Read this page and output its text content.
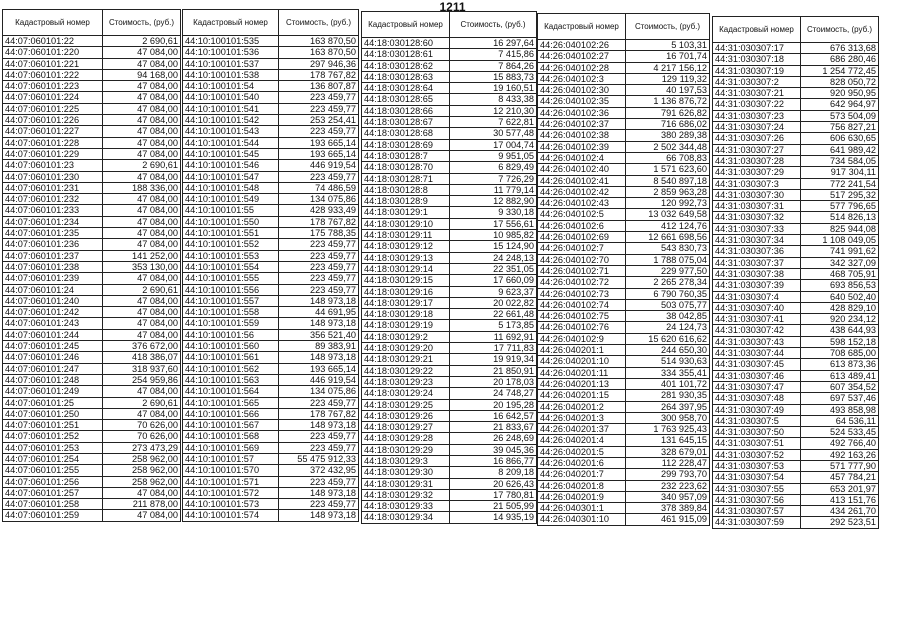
1211
Кадастровый номер	Стоимость, (руб.)
44:07:060101:22	2 690,61
44:07:060101:220	47 084,00
44:07:060101:221	47 084,00
44:07:060101:222	94 168,00
44:07:060101:223	47 084,00
44:07:060101:224	47 084,00
44:07:060101:225	47 084,00
44:07:060101:226	47 084,00
44:07:060101:227	47 084,00
44:07:060101:228	47 084,00
44:07:060101:229	47 084,00
44:07:060101:23	2 690,61
44:07:060101:230	47 084,00
44:07:060101:231	188 336,00
44:07:060101:232	47 084,00
44:07:060101:233	47 084,00
44:07:060101:234	47 084,00
44:07:060101:235	47 084,00
44:07:060101:236	47 084,00
44:07:060101:237	141 252,00
44:07:060101:238	353 130,00
44:07:060101:239	47 084,00
44:07:060101:24	2 690,61
44:07:060101:240	47 084,00
44:07:060101:242	47 084,00
44:07:060101:243	47 084,00
44:07:060101:244	47 084,00
44:07:060101:245	376 672,00
44:07:060101:246	418 386,07
44:07:060101:247	318 937,60
44:07:060101:248	254 959,86
44:07:060101:249	47 084,00
44:07:060101:25	2 690,61
44:07:060101:250	47 084,00
44:07:060101:251	70 626,00
44:07:060101:252	70 626,00
44:07:060101:253	273 473,29
44:07:060101:254	258 962,00
44:07:060101:255	258 962,00
44:07:060101:256	258 962,00
44:07:060101:257	47 084,00
44:07:060101:258	211 878,00
44:07:060101:259	47 084,00
Кадастровый номер	Стоимость, (руб.)
44:10:100101:535	163 870,50
44:10:100101:536	163 870,50
44:10:100101:537	297 946,36
44:10:100101:538	178 767,82
44:10:100101:54	136 807,87
44:10:100101:540	223 459,77
44:10:100101:541	223 459,77
44:10:100101:542	253 254,41
44:10:100101:543	223 459,77
44:10:100101:544	193 665,14
44:10:100101:545	193 665,14
44:10:100101:546	446 919,54
44:10:100101:547	223 459,77
44:10:100101:548	74 486,59
44:10:100101:549	134 075,86
44:10:100101:55	428 933,49
44:10:100101:550	178 767,82
44:10:100101:551	175 788,35
44:10:100101:552	223 459,77
44:10:100101:553	223 459,77
44:10:100101:554	223 459,77
44:10:100101:555	223 459,77
44:10:100101:556	223 459,77
44:10:100101:557	148 973,18
44:10:100101:558	44 691,95
44:10:100101:559	148 973,18
44:10:100101:56	356 521,40
44:10:100101:560	89 383,91
44:10:100101:561	148 973,18
44:10:100101:562	193 665,14
44:10:100101:563	446 919,54
44:10:100101:564	134 075,86
44:10:100101:565	223 459,77
44:10:100101:566	178 767,82
44:10:100101:567	148 973,18
44:10:100101:568	223 459,77
44:10:100101:569	223 459,77
44:10:100101:57	55 475 912,33
44:10:100101:570	372 432,95
44:10:100101:571	223 459,77
44:10:100101:572	148 973,18
44:10:100101:573	223 459,77
44:10:100101:574	148 973,18
Кадастровый номер	Стоимость, (руб.)
44:18:030128:60	16 297,64
44:18:030128:61	7 415,86
44:18:030128:62	7 864,26
44:18:030128:63	15 883,73
44:18:030128:64	19 160,51
44:18:030128:65	8 433,38
44:18:030128:66	12 210,30
44:18:030128:67	7 622,81
44:18:030128:68	30 577,48
44:18:030128:69	17 004,74
44:18:030128:7	9 951,05
44:18:030128:70	6 829,49
44:18:030128:71	7 726,29
44:18:030128:8	11 779,14
44:18:030128:9	12 882,90
44:18:030129:1	9 330,18
44:18:030129:10	17 556,61
44:18:030129:11	10 985,82
44:18:030129:12	15 124,90
44:18:030129:13	24 248,13
44:18:030129:14	22 351,05
44:18:030129:15	17 660,09
44:18:030129:16	9 623,37
44:18:030129:17	20 022,82
44:18:030129:18	22 661,48
44:18:030129:19	5 173,85
44:18:030129:2	11 692,91
44:18:030129:20	17 711,83
44:18:030129:21	19 919,34
44:18:030129:22	21 850,91
44:18:030129:23	20 178,03
44:18:030129:24	24 748,27
44:18:030129:25	20 195,28
44:18:030129:26	16 642,57
44:18:030129:27	21 833,67
44:18:030129:28	26 248,69
44:18:030129:29	39 045,36
44:18:030129:3	16 866,77
44:18:030129:30	8 209,18
44:18:030129:31	20 626,43
44:18:030129:32	17 780,81
44:18:030129:33	21 505,99
44:18:030129:34	14 935,19
Кадастровый номер	Стоимость, (руб.)
44:26:040102:26	5 103,31
44:26:040102:27	16 701,74
44:26:040102:28	4 217 156,12
44:26:040102:3	129 119,32
44:26:040102:30	40 197,53
44:26:040102:35	1 136 876,72
44:26:040102:36	791 626,82
44:26:040102:37	716 686,02
44:26:040102:38	380 289,38
44:26:040102:39	2 502 344,48
44:26:040102:4	66 708,83
44:26:040102:40	1 571 623,60
44:26:040102:41	8 540 897,18
44:26:040102:42	2 859 963,28
44:26:040102:43	120 992,73
44:26:040102:5	13 032 649,58
44:26:040102:6	412 124,76
44:26:040102:69	12 661 698,56
44:26:040102:7	543 830,73
44:26:040102:70	1 788 075,04
44:26:040102:71	229 977,50
44:26:040102:72	2 265 278,34
44:26:040102:73	6 790 760,35
44:26:040102:74	503 075,77
44:26:040102:75	38 042,85
44:26:040102:76	24 124,73
44:26:040102:9	15 620 616,62
44:26:040201:1	244 650,30
44:26:040201:10	514 930,63
44:26:040201:11	334 355,41
44:26:040201:13	401 101,72
44:26:040201:15	281 930,35
44:26:040201:2	264 397,95
44:26:040201:3	300 958,70
44:26:040201:37	1 763 925,43
44:26:040201:4	131 645,15
44:26:040201:5	328 679,01
44:26:040201:6	112 228,47
44:26:040201:7	299 793,70
44:26:040201:8	232 223,62
44:26:040201:9	340 957,09
44:26:040301:1	378 389,84
44:26:040301:10	461 915,09
Кадастровый номер	Стоимость, (руб.)
44:31:030307:17	676 313,68
44:31:030307:18	686 280,46
44:31:030307:19	1 254 772,45
44:31:030307:2	828 050,72
44:31:030307:21	920 950,95
44:31:030307:22	642 964,97
44:31:030307:23	573 504,09
44:31:030307:24	756 827,21
44:31:030307:26	606 630,65
44:31:030307:27	641 989,42
44:31:030307:28	734 584,05
44:31:030307:29	917 304,11
44:31:030307:3	772 241,54
44:31:030307:30	517 295,32
44:31:030307:31	577 796,65
44:31:030307:32	514 826,13
44:31:030307:33	825 944,08
44:31:030307:34	1 108 049,05
44:31:030307:36	741 991,62
44:31:030307:37	342 327,09
44:31:030307:38	468 705,91
44:31:030307:39	693 856,53
44:31:030307:4	640 502,40
44:31:030307:40	428 829,10
44:31:030307:41	920 234,12
44:31:030307:42	438 644,93
44:31:030307:43	598 152,18
44:31:030307:44	708 685,00
44:31:030307:45	613 873,36
44:31:030307:46	613 489,41
44:31:030307:47	607 354,52
44:31:030307:48	697 537,46
44:31:030307:49	493 858,98
44:31:030307:5	64 536,11
44:31:030307:50	524 533,45
44:31:030307:51	492 766,40
44:31:030307:52	492 163,26
44:31:030307:53	571 777,90
44:31:030307:54	457 784,21
44:31:030307:55	653 201,97
44:31:030307:56	413 151,76
44:31:030307:57	434 261,70
44:31:030307:59	292 523,51
